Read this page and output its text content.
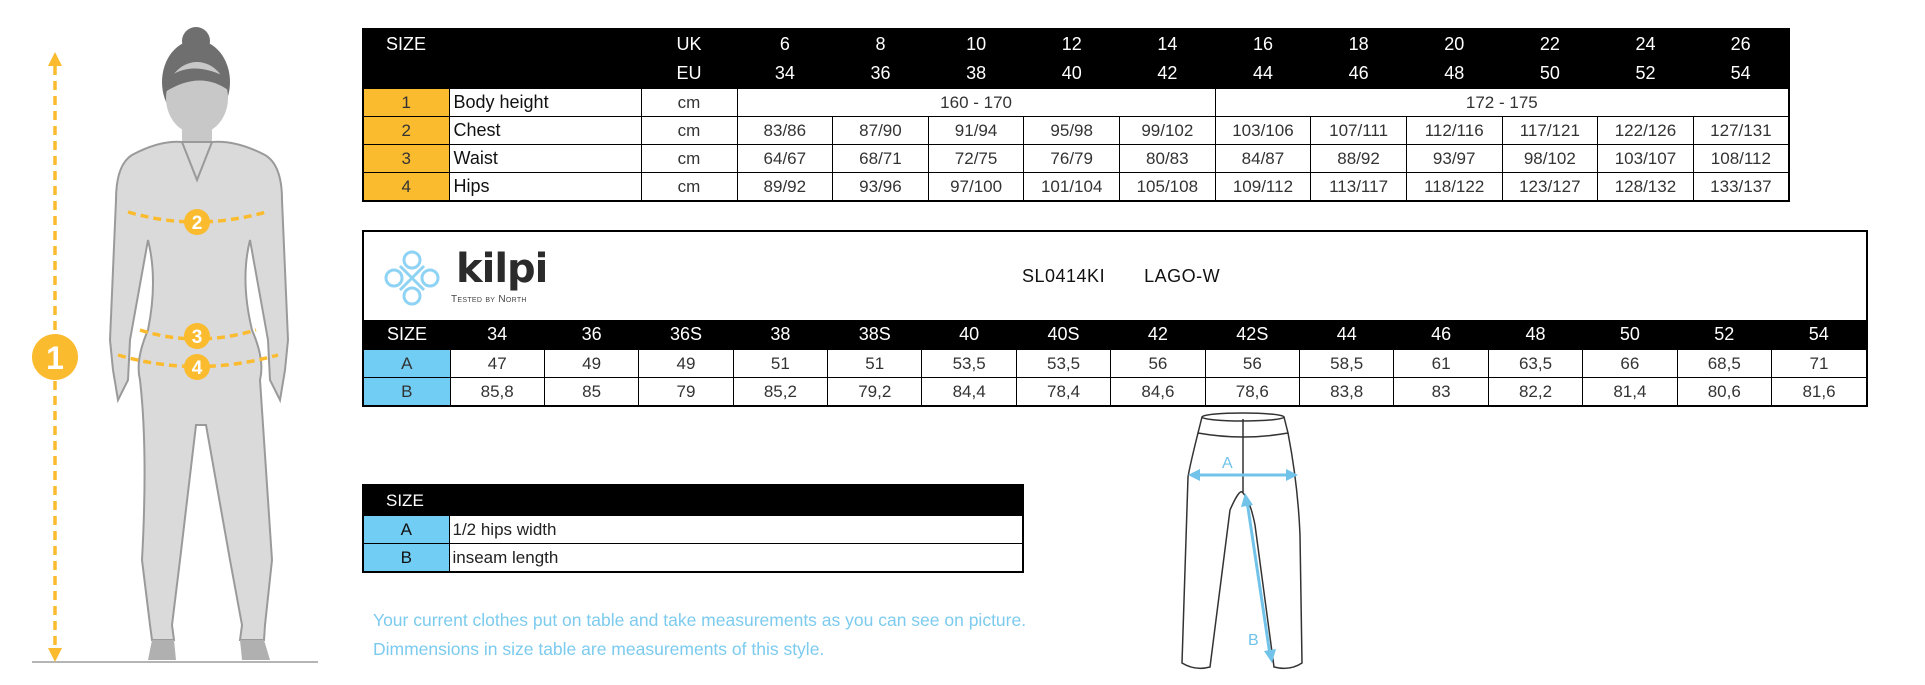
1
2
3
4
SIZE		UK	6	8	10	12	14	16	18	20	22	24	26
		EU	34	36	38	40	42	44	46	48	50	52	54
1	Body height	cm	160 - 170					172 - 175					
2	Chest	cm	83/86	87/90	91/94	95/98	99/102	103/106	107/111	112/116	117/121	122/126	127/131
3	Waist	cm	64/67	68/71	72/75	76/79	80/83	84/87	88/92	93/97	98/102	103/107	108/112
4	Hips	cm	89/92	93/96	97/100	101/104	105/108	109/112	113/117	118/122	123/127	128/132	133/137
kilpi
Tested by North
SL0414KI LAGO-W
SIZE	34	36	36S	38	38S	40	40S	42	42S	44	46	48	50	52	54
A	47	49	49	51	51	53,5	53,5	56	56	58,5	61	63,5	66	68,5	71
B	85,8	85	79	85,2	79,2	84,4	78,4	84,6	78,6	83,8	83	82,2	81,4	80,6	81,6
SIZE	
A	1/2 hips width
B	inseam length
Your current clothes put on table and take measurements as you can see on picture.
Dimmensions in size table are measurements of this style.
A
B
